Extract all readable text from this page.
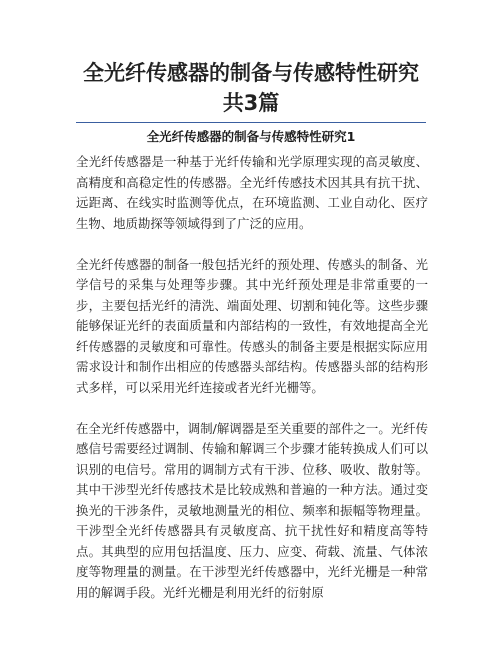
全光纤传感器的制备与传感特性研究
共3篇
全光纤传感器的制备与传感特性研究1

全光纤传感器是一种基于光纤传输和光学原理实现的高灵敏度、高精度和高稳定性的传感器。全光纤传感技术因其具有抗干扰、远距离、在线实时监测等优点，在环境监测、工业自动化、医疗生物、地质勘探等领域得到了广泛的应用。

全光纤传感器的制备一般包括光纤的预处理、传感头的制备、光学信号的采集与处理等步骤。其中光纤预处理是非常重要的一步，主要包括光纤的清洗、端面处理、切割和钝化等。这些步骤能够保证光纤的表面质量和内部结构的一致性，有效地提高全光纤传感器的灵敏度和可靠性。传感头的制备主要是根据实际应用需求设计和制作出相应的传感器头部结构。传感器头部的结构形式多样，可以采用光纤连接或者光纤光栅等。

在全光纤传感器中，调制/解调器是至关重要的部件之一。光纤传感信号需要经过调制、传输和解调三个步骤才能转换成人们可以识别的电信号。常用的调制方式有干涉、位移、吸收、散射等。其中干涉型光纤传感技术是比较成熟和普遍的一种方法。通过变换光的干涉条件，灵敏地测量光的相位、频率和振幅等物理量。干涉型全光纤传感器具有灵敏度高、抗干扰性好和精度高等特点。其典型的应用包括温度、压力、应变、荷载、流量、气体浓度等物理量的测量。在干涉型光纤传感器中，光纤光栅是一种常用的解调手段。光纤光栅是利用光纤的衍射原
